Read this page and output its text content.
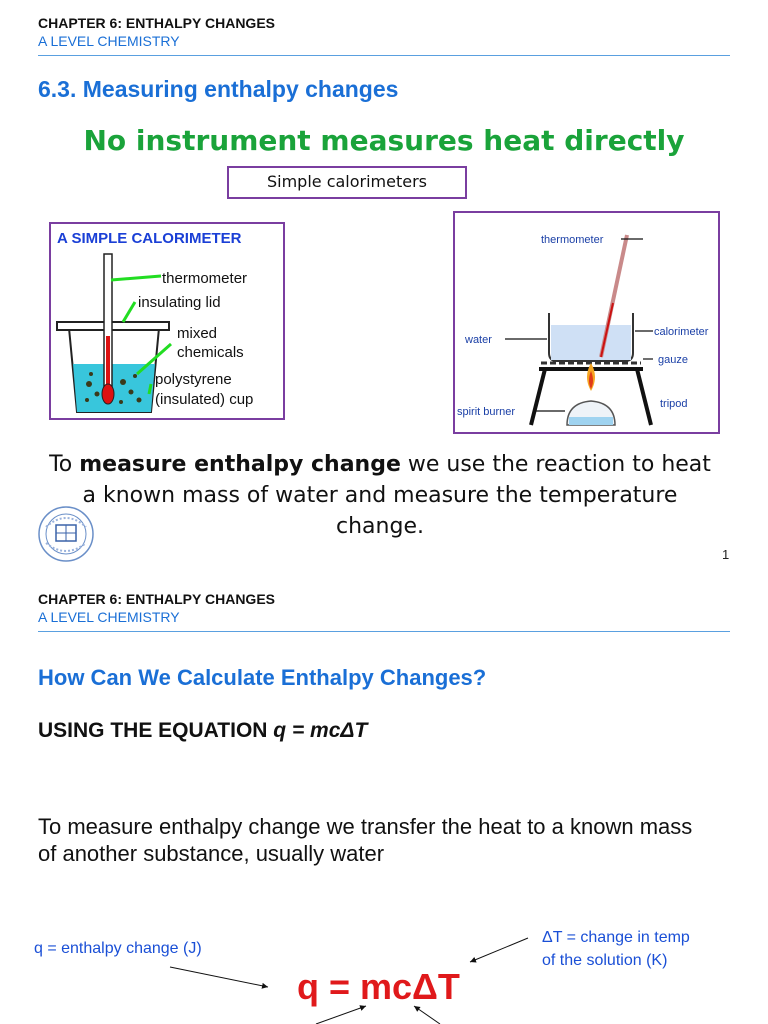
CHAPTER 6: ENTHALPY CHANGES
A LEVEL CHEMISTRY
6.3. Measuring enthalpy changes
No instrument measures heat directly
Simple calorimeters
A SIMPLE CALORIMETER
thermometer
insulating lid
mixed
chemicals
polystyrene
(insulated) cup
thermometer
water
calorimeter
gauze
tripod
spirit burner
To measure enthalpy change we use the reaction to heat a known mass of water and measure the temperature change.
1
CHAPTER 6: ENTHALPY CHANGES
A LEVEL CHEMISTRY
How Can We Calculate Enthalpy Changes?
USING THE EQUATION q = mcΔT
To measure enthalpy change we transfer the heat to a known mass of another substance, usually water
q = enthalpy change (J)
ΔT = change in temp
of the solution (K)
q = mcΔT
